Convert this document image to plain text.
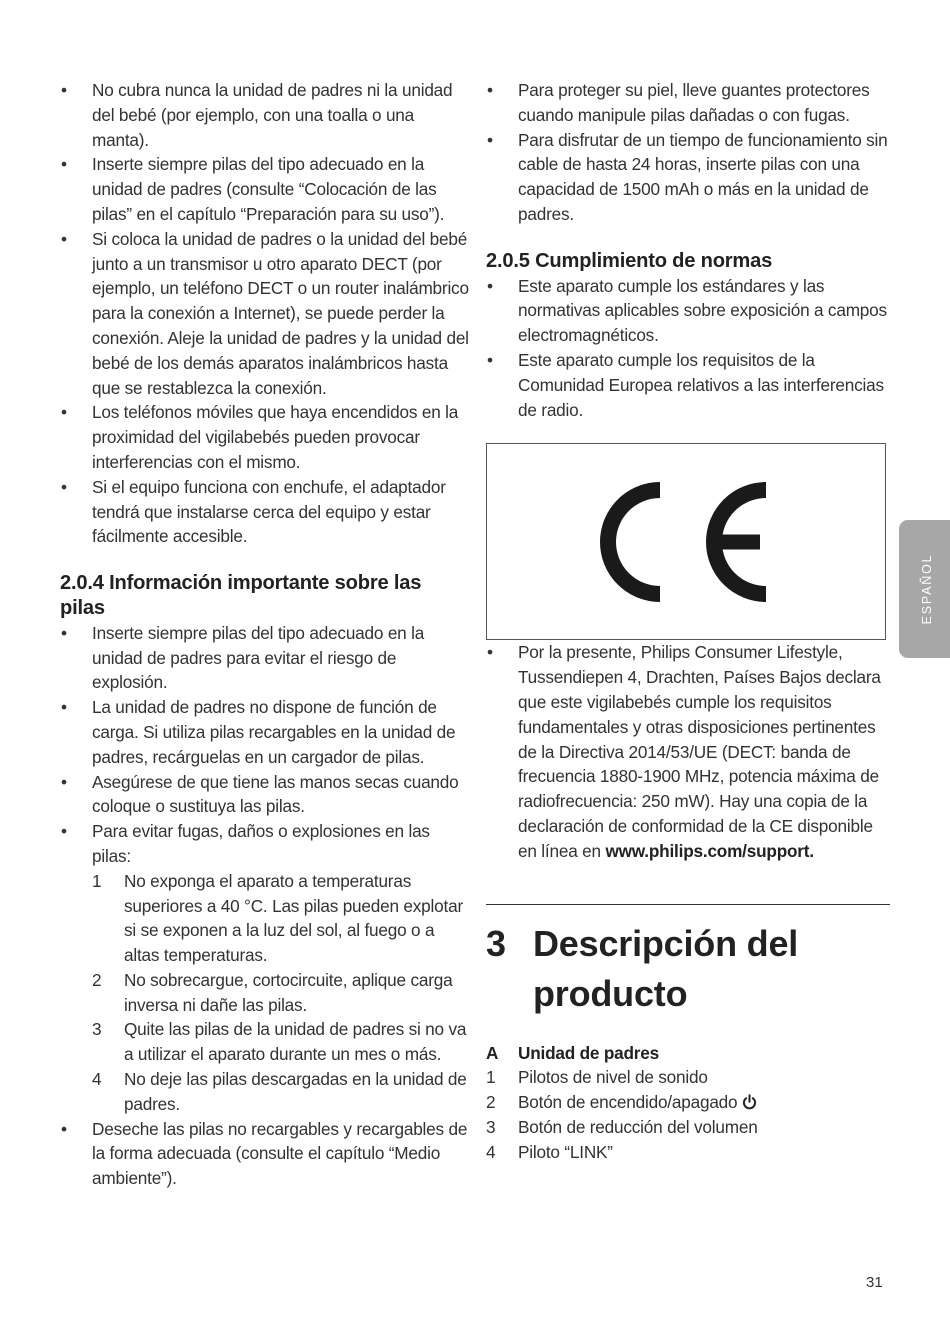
• No cubra nunca la unidad de padres ni la unidad del bebé (por ejemplo, con una toalla o una manta).
• Inserte siempre pilas del tipo adecuado en la unidad de padres (consulte “Colocación de las pilas” en el capítulo “Preparación para su uso”).
• Si coloca la unidad de padres o la unidad del bebé junto a un transmisor u otro aparato DECT (por ejemplo, un teléfono DECT o un router inalámbrico para la conexión a Internet), se puede perder la conexión. Aleje la unidad de padres y la unidad del bebé de los demás aparatos inalámbricos hasta que se restablezca la conexión.
• Los teléfonos móviles que haya encendidos en la proximidad del vigilabebés pueden provocar interferencias con el mismo.
• Si el equipo funciona con enchufe, el adaptador tendrá que instalarse cerca del equipo y estar fácilmente accesible.
2.0.4 Información importante sobre las pilas
• Inserte siempre pilas del tipo adecuado en la unidad de padres para evitar el riesgo de explosión.
• La unidad de padres no dispone de función de carga. Si utiliza pilas recargables en la unidad de padres, recárguelas en un cargador de pilas.
• Asegúrese de que tiene las manos secas cuando coloque o sustituya las pilas.
• Para evitar fugas, daños o explosiones en las pilas:
1 No exponga el aparato a temperaturas superiores a 40 °C. Las pilas pueden explotar si se exponen a la luz del sol, al fuego o a altas temperaturas.
2 No sobrecargue, cortocircuite, aplique carga inversa ni dañe las pilas.
3 Quite las pilas de la unidad de padres si no va a utilizar el aparato durante un mes o más.
4 No deje las pilas descargadas en la unidad de padres.
• Deseche las pilas no recargables y recargables de la forma adecuada (consulte el capítulo “Medio ambiente”).
• Para proteger su piel, lleve guantes protectores cuando manipule pilas dañadas o con fugas.
• Para disfrutar de un tiempo de funcionamiento sin cable de hasta 24 horas, inserte pilas con una capacidad de 1500 mAh o más en la unidad de padres.
2.0.5 Cumplimiento de normas
• Este aparato cumple los estándares y las normativas aplicables sobre exposición a campos electromagnéticos.
• Este aparato cumple los requisitos de la Comunidad Europea relativos a las interferencias de radio.
• Por la presente, Philips Consumer Lifestyle, Tussendiepen 4, Drachten, Países Bajos declara que este vigilabebés cumple los requisitos fundamentales y otras disposiciones pertinentes de la Directiva 2014/53/UE (DECT: banda de frecuencia 1880-1900 MHz, potencia máxima de radiofrecuencia: 250 mW). Hay una copia de la declaración de conformidad de la CE disponible en línea en www.philips.com/support.
3 Descripción del producto
A	Unidad de padres
1 Pilotos de nivel de sonido
2 Botón de encendido/apagado
3 Botón de reducción del volumen
4 Piloto “LINK”
ESPAÑOL
31
